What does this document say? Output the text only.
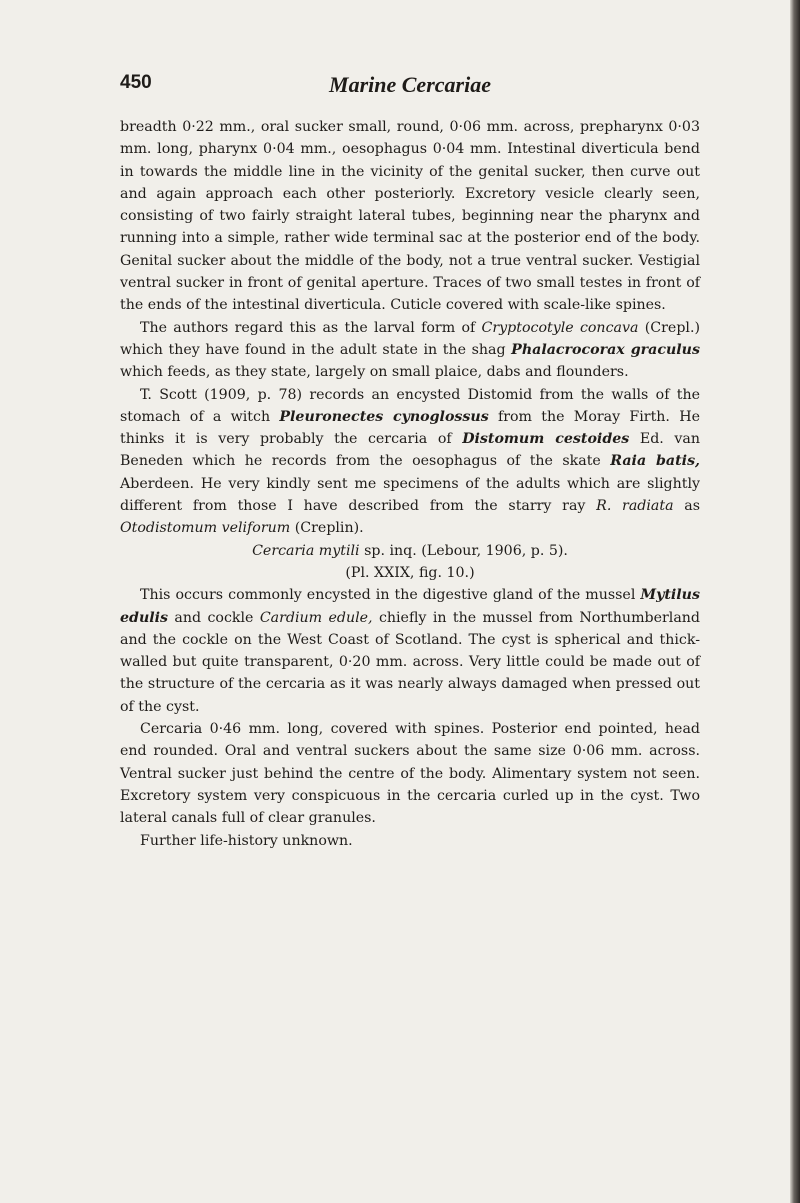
450	Marine Cercariae

breadth 0·22 mm., oral sucker small, round, 0·06 mm. across, prepharynx 0·03 mm. long, pharynx 0·04 mm., oesophagus 0·04 mm. Intestinal diverticula bend in towards the middle line in the vicinity of the genital sucker, then curve out and again approach each other posteriorly. Excretory vesicle clearly seen, consisting of two fairly straight lateral tubes, beginning near the pharynx and running into a simple, rather wide terminal sac at the posterior end of the body. Genital sucker about the middle of the body, not a true ventral sucker. Vestigial ventral sucker in front of genital aperture. Traces of two small testes in front of the ends of the intestinal diverticula. Cuticle covered with scale-like spines.

The authors regard this as the larval form of Cryptocotyle concava (Crepl.) which they have found in the adult state in the shag Phalacrocorax graculus which feeds, as they state, largely on small plaice, dabs and flounders.

T. Scott (1909, p. 78) records an encysted Distomid from the walls of the stomach of a witch Pleuronectes cynoglossus from the Moray Firth. He thinks it is very probably the cercaria of Distomum cestoides Ed. van Beneden which he records from the oesophagus of the skate Raia batis, Aberdeen. He very kindly sent me specimens of the adults which are slightly different from those I have described from the starry ray R. radiata as Otodistomum veliforum (Creplin).

Cercaria mytili sp. inq. (Lebour, 1906, p. 5).

(Pl. XXIX, fig. 10.)

This occurs commonly encysted in the digestive gland of the mussel Mytilus edulis and cockle Cardium edule, chiefly in the mussel from Northumberland and the cockle on the West Coast of Scotland. The cyst is spherical and thick-walled but quite transparent, 0·20 mm. across. Very little could be made out of the structure of the cercaria as it was nearly always damaged when pressed out of the cyst.

Cercaria 0·46 mm. long, covered with spines. Posterior end pointed, head end rounded. Oral and ventral suckers about the same size 0·06 mm. across. Ventral sucker just behind the centre of the body. Alimentary system not seen. Excretory system very conspicuous in the cercaria curled up in the cyst. Two lateral canals full of clear granules.

Further life-history unknown.
